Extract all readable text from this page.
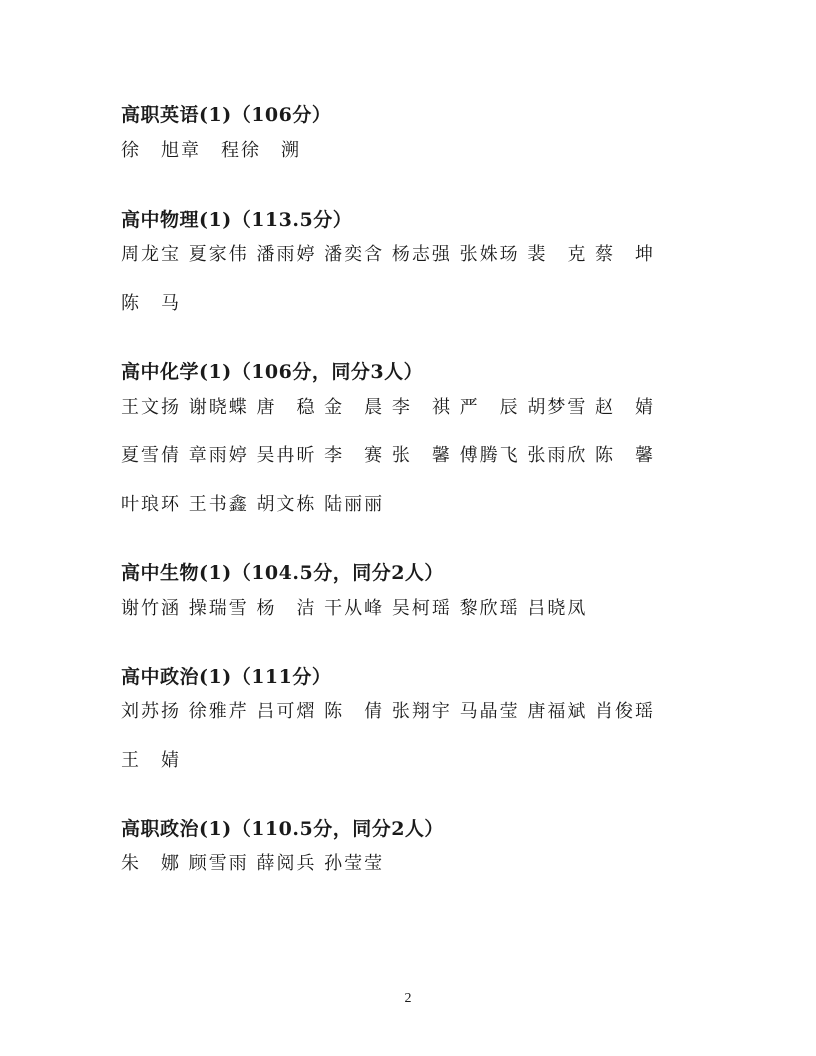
高职英语(1)（106分）
徐　旭章　程徐　溯
高中物理(1)（113.5分）
周龙宝 夏家伟 潘雨婷 潘奕含 杨志强 张姝玚 裴　克 蔡　坤
陈　马
高中化学(1)（106分，同分3人）
王文扬 谢晓蝶 唐　稳 金　晨 李　祺 严　辰 胡梦雪 赵　婧
夏雪倩 章雨婷 吴冉昕 李　赛 张　馨 傅腾飞 张雨欣 陈　馨
叶琅环 王书鑫 胡文栋 陆丽丽
高中生物(1)（104.5分，同分2人）
谢竹涵 操瑞雪 杨　洁 干从峰 吴柯瑶 黎欣瑶 吕晓凤
高中政治(1)（111分）
刘苏扬 徐雅芹 吕可熠 陈　倩 张翔宇 马晶莹 唐福斌 肖俊瑶
王　婧
高职政治(1)（110.5分，同分2人）
朱　娜 顾雪雨 薛阅兵 孙莹莹
2
